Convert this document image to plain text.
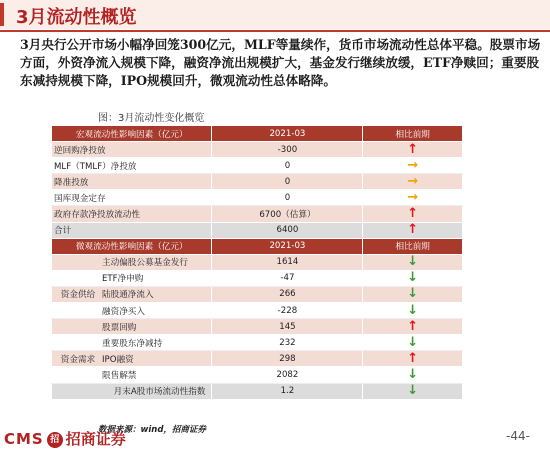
3月流动性概览
3月央行公开市场小幅净回笼300亿元，MLF等量续作，货币市场流动性总体平稳。股票市场方面，外资净流入规模下降，融资净流出规模扩大，基金发行继续放缓，ETF净赎回；重要股东减持规模下降，IPO规模回升，微观流动性总体略降。
图：3月流动性变化概览
宏观流动性影响因素（亿元）	2021-03	相比前期
逆回购净投放	-300	↑
MLF（TMLF）净投放	0	→
降准投放	0	→
国库现金定存	0	→
政府存款净投放流动性	6700（估算）	↑
合计	6400	↑
微观流动性影响因素（亿元）	2021-03	相比前期

主动偏股公募基金发行	1614	↓

ETF净申购	-47	↓

资金供给 陆股通净流入	266	↓

融资净买入	-228	↓

股票回购	145	↑

重要股东净减持	232	↓

资金需求 IPO融资	298	↑

限售解禁	2082	↓
月末A股市场流动性指数	1.2	↓
数据来源：wind，招商证券
CMS 招 招商证券	-44-
